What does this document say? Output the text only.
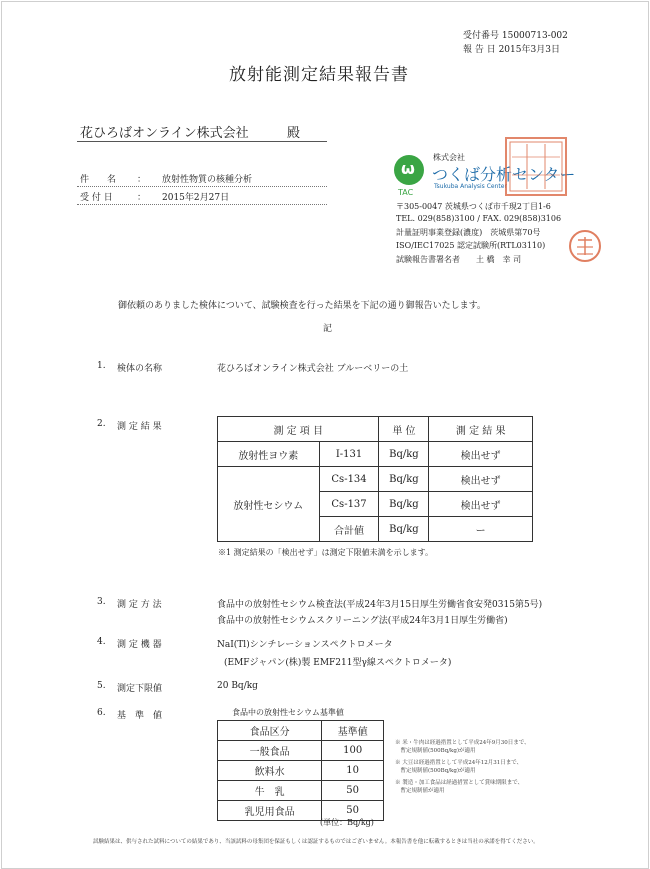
受付番号 15000713-002
報 告 日 2015年3月3日
放射能測定結果報告書
花ひろばオンライン株式会社	殿
件　　名 ： 放射性物質の核種分析
受 付 日	： 2015年2月27日
ω
TAC
株式会社
つくば分析センター
Tsukuba Analysis Center
〒305-0047 茨城県つくば市千現2丁目1-6
TEL. 029(858)3100 / FAX. 029(858)3106
計量証明事業登録(濃度)　茨城県第70号
ISO/IEC17025 認定試験所(RTL03110)
試験報告書署名者　　土 橋　幸 司
御依頼のありました検体について、試験検査を行った結果を下記の通り御報告いたします。
記
1. 検体の名称	花ひろばオンライン株式会社 ブルーベリーの土
2. 測 定 結 果	測 定 項 目		単 位	測 定 結 果
放射性ヨウ素	I-131	Bq/kg	検出せず
放射性セシウム	Cs-134	Bq/kg	検出せず
	Cs-137	Bq/kg	検出せず
	合計値	Bq/kg	ー
※1 測定結果の「検出せず」は測定下限値未満を示します。
3. 測 定 方 法	食品中の放射性セシウム検査法(平成24年3月15日厚生労働省食安発0315第5号)
食品中の放射性セシウムスクリーニング法(平成24年3月1日厚生労働省)
4. 測 定 機 器	NaI(Tl)シンチレーションスペクトロメータ
(EMFジャパン(株)製 EMF211型γ線スペクトロメータ)
5. 測定下限値	20 Bq/kg
6. 基　準　値	食品中の放射性セシウム基準値
食品区分	基準値
一般食品	100
飲料水	10
牛　乳	50
乳児用食品	50
(単位：Bq/kg)
※ 米・牛肉は経過措置として平成24年9月30日まで、
　暫定規制値(500Bq/kg)が適用
※ 大豆は経過措置として平成24年12月31日まで、
　暫定規制値(500Bq/kg)が適用
※ 製造・加工食品は経過措置として賞味期限まで、
　暫定規制値が適用
試験結果は、供与された試料についての結果であり、当該試料の母集団を保証もしくは認証するものではございません。本報告書を他に転載するときは当社の承諾を得てください。
